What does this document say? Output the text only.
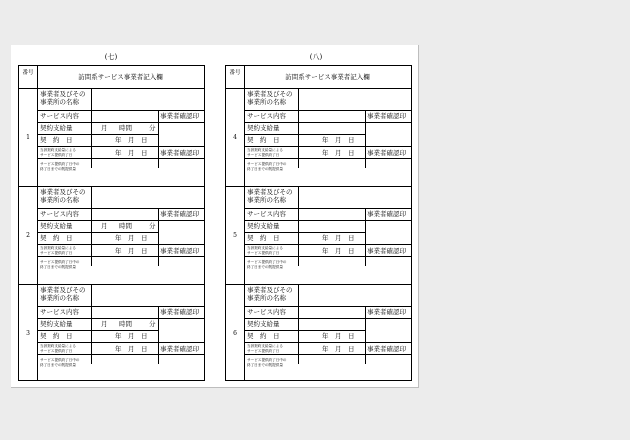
(七)	(八)
番号	訪問系サービス事業者記入欄
1
事業者及びその
事業所の名称
サービス内容	事業者確認印
契約支給量	月 時間	分
契　約　日	年　月　日
当該契約支給量による
サービス提供終了日	年　月　日 事業者確認印
サービス提供終了日中の
終了日までの既提供量
2
事業者及びその
事業所の名称
サービス内容	事業者確認印
契約支給量	月 時間	分
契　約　日	年　月　日
当該契約支給量による
サービス提供終了日	年　月　日 事業者確認印
サービス提供終了日中の
終了日までの既提供量
3
事業者及びその
事業所の名称
サービス内容	事業者確認印
契約支給量	月 時間	分
契　約　日	年　月　日
当該契約支給量による
サービス提供終了日	年　月　日 事業者確認印
サービス提供終了日中の
終了日までの既提供量
番号	訪問系サービス事業者記入欄
4
事業者及びその
事業所の名称
サービス内容	事業者確認印
契約支給量
契　約　日	年　月　日
当該契約支給量による
サービス提供終了日	年　月　日 事業者確認印
サービス提供終了日中の
終了日までの既提供量
5
事業者及びその
事業所の名称
サービス内容	事業者確認印
契約支給量
契　約　日	年　月　日
当該契約支給量による
サービス提供終了日	年　月　日 事業者確認印
サービス提供終了日中の
終了日までの既提供量
6
事業者及びその
事業所の名称
サービス内容	事業者確認印
契約支給量
契　約　日	年　月　日
当該契約支給量による
サービス提供終了日	年　月　日 事業者確認印
サービス提供終了日中の
終了日までの既提供量
